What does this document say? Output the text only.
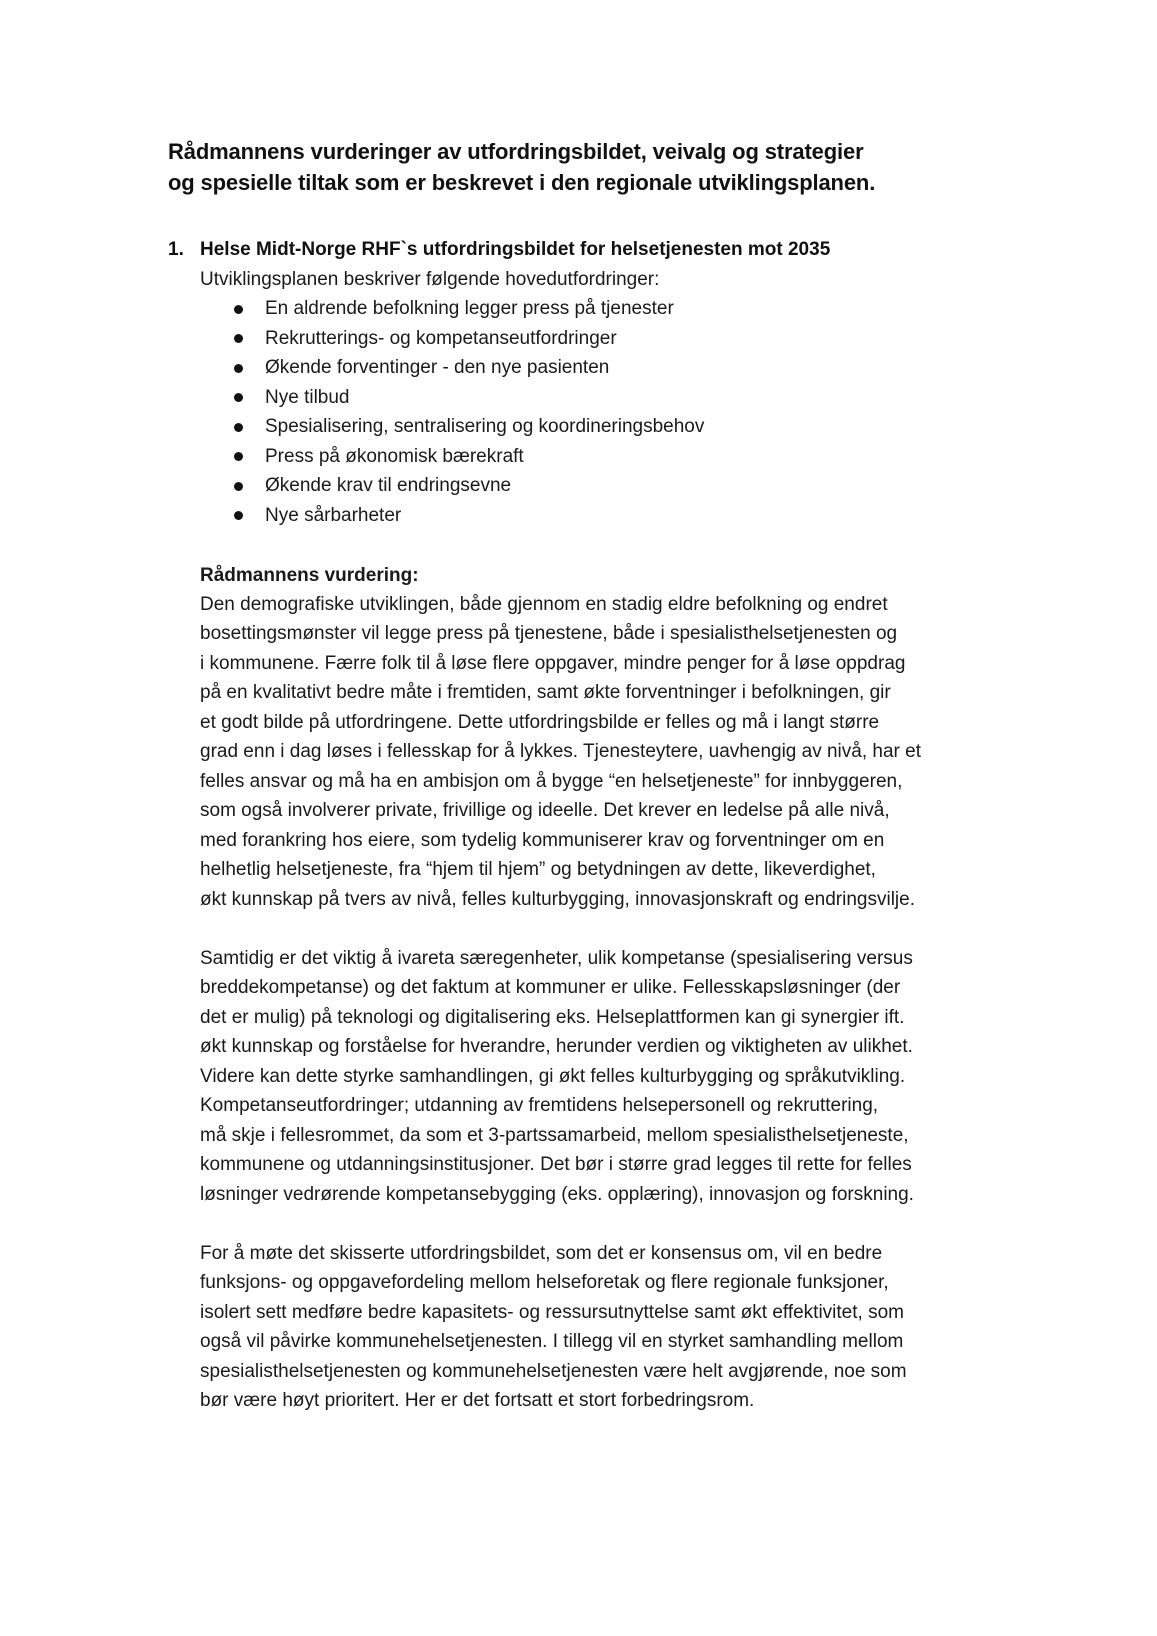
Rådmannens vurderinger av utfordringsbildet, veivalg og strategier
og spesielle tiltak som er beskrevet i den regionale utviklingsplanen.
1. Helse Midt-Norge RHF`s utfordringsbildet for helsetjenesten mot 2035
Utviklingsplanen beskriver følgende hovedutfordringer:
En aldrende befolkning legger press på tjenester
Rekrutterings- og kompetanseutfordringer
Økende forventinger - den nye pasienten
Nye tilbud
Spesialisering, sentralisering og koordineringsbehov
Press på økonomisk bærekraft
Økende krav til endringsevne
Nye sårbarheter
Rådmannens vurdering:
Den demografiske utviklingen, både gjennom en stadig eldre befolkning og endret
bosettingsmønster vil legge press på tjenestene, både i spesialisthelsetjenesten og
i kommunene. Færre folk til å løse flere oppgaver, mindre penger for å løse oppdrag
på en kvalitativt bedre måte i fremtiden, samt økte forventninger i befolkningen, gir
et godt bilde på utfordringene. Dette utfordringsbilde er felles og må i langt større
grad enn i dag løses i fellesskap for å lykkes. Tjenesteytere, uavhengig av nivå, har et
felles ansvar og må ha en ambisjon om å bygge “en helsetjeneste” for innbyggeren,
som også involverer private, frivillige og ideelle. Det krever en ledelse på alle nivå,
med forankring hos eiere, som tydelig kommuniserer krav og forventninger om en
helhetlig helsetjeneste, fra “hjem til hjem” og betydningen av dette, likeverdighet,
økt kunnskap på tvers av nivå, felles kulturbygging, innovasjonskraft og endringsvilje.
Samtidig er det viktig å ivareta særegenheter, ulik kompetanse (spesialisering versus
breddekompetanse) og det faktum at kommuner er ulike. Fellesskapsløsninger (der
det er mulig) på teknologi og digitalisering eks. Helseplattformen kan gi synergier ift.
økt kunnskap og forståelse for hverandre, herunder verdien og viktigheten av ulikhet.
Videre kan dette styrke samhandlingen, gi økt felles kulturbygging og språkutvikling.
Kompetanseutfordringer; utdanning av fremtidens helsepersonell og rekruttering,
må skje i fellesrommet, da som et 3-partssamarbeid, mellom spesialisthelsetjeneste,
kommunene og utdanningsinstitusjoner. Det bør i større grad legges til rette for felles
løsninger vedrørende kompetansebygging (eks. opplæring), innovasjon og forskning.
For å møte det skisserte utfordringsbildet, som det er konsensus om, vil en bedre
funksjons- og oppgavefordeling mellom helseforetak og flere regionale funksjoner,
isolert sett medføre bedre kapasitets- og ressursutnyttelse samt økt effektivitet, som
også vil påvirke kommunehelsetjenesten. I tillegg vil en styrket samhandling mellom
spesialisthelsetjenesten og kommunehelsetjenesten være helt avgjørende, noe som
bør være høyt prioritert. Her er det fortsatt et stort forbedringsrom.
